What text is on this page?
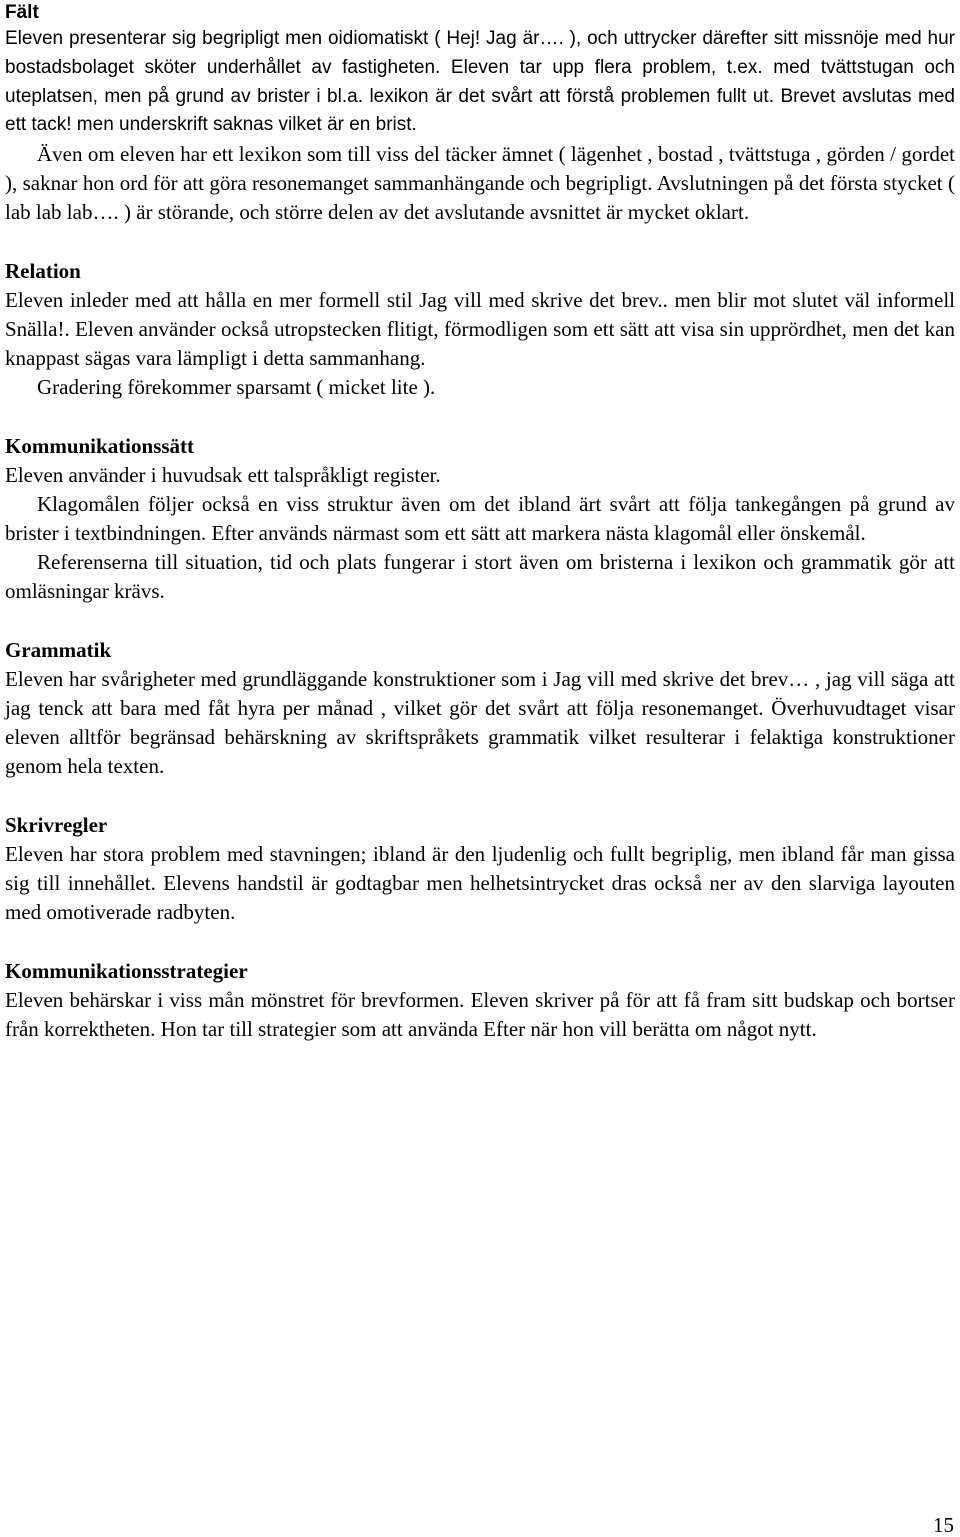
Fält

Eleven presenterar sig begripligt men oidiomatiskt ( Hej! Jag är…. ), och uttrycker därefter sitt missnöje med hur bostadsbolaget sköter underhållet av fastigheten. Eleven tar upp flera problem, t.ex. med tvättstugan och uteplatsen, men på grund av brister i bl.a. lexikon är det svårt att förstå problemen fullt ut. Brevet avslutas med ett tack! men underskrift saknas vilket är en brist.

Även om eleven har ett lexikon som till viss del täcker ämnet ( lägenhet , bostad , tvättstuga , görden / gordet ), saknar hon ord för att göra resonemanget sammanhängande och begripligt. Avslutningen på det första stycket ( lab lab lab…. ) är störande, och större delen av det avslutande avsnittet är mycket oklart.

Relation

Eleven inleder med att hålla en mer formell stil Jag vill med skrive det brev.. men blir mot slutet väl informell Snälla!. Eleven använder också utropstecken flitigt, förmodligen som ett sätt att visa sin upprördhet, men det kan knappast sägas vara lämpligt i detta sammanhang.

Gradering förekommer sparsamt ( micket lite ).

Kommunikationssätt

Eleven använder i huvudsak ett talspråkligt register.

Klagomålen följer också en viss struktur även om det ibland ärt svårt att följa tankegången på grund av brister i textbindningen. Efter används närmast som ett sätt att markera nästa klagomål eller önskemål.

Referenserna till situation, tid och plats fungerar i stort även om bristerna i lexikon och grammatik gör att omläsningar krävs.

Grammatik

Eleven har svårigheter med grundläggande konstruktioner som i Jag vill med skrive det brev… , jag vill säga att jag tenck att bara med fåt hyra per månad , vilket gör det svårt att följa resonemanget. Överhuvudtaget visar eleven alltför begränsad behärskning av skriftspråkets grammatik vilket resulterar i felaktiga konstruktioner genom hela texten.

Skrivregler

Eleven har stora problem med stavningen; ibland är den ljudenlig och fullt begriplig, men ibland får man gissa sig till innehållet. Elevens handstil är godtagbar men helhetsintrycket dras också ner av den slarviga layouten med omotiverade radbyten.

Kommunikationsstrategier

Eleven behärskar i viss mån mönstret för brevformen. Eleven skriver på för att få fram sitt budskap och bortser från korrektheten. Hon tar till strategier som att använda Efter när hon vill berätta om något nytt.

15
